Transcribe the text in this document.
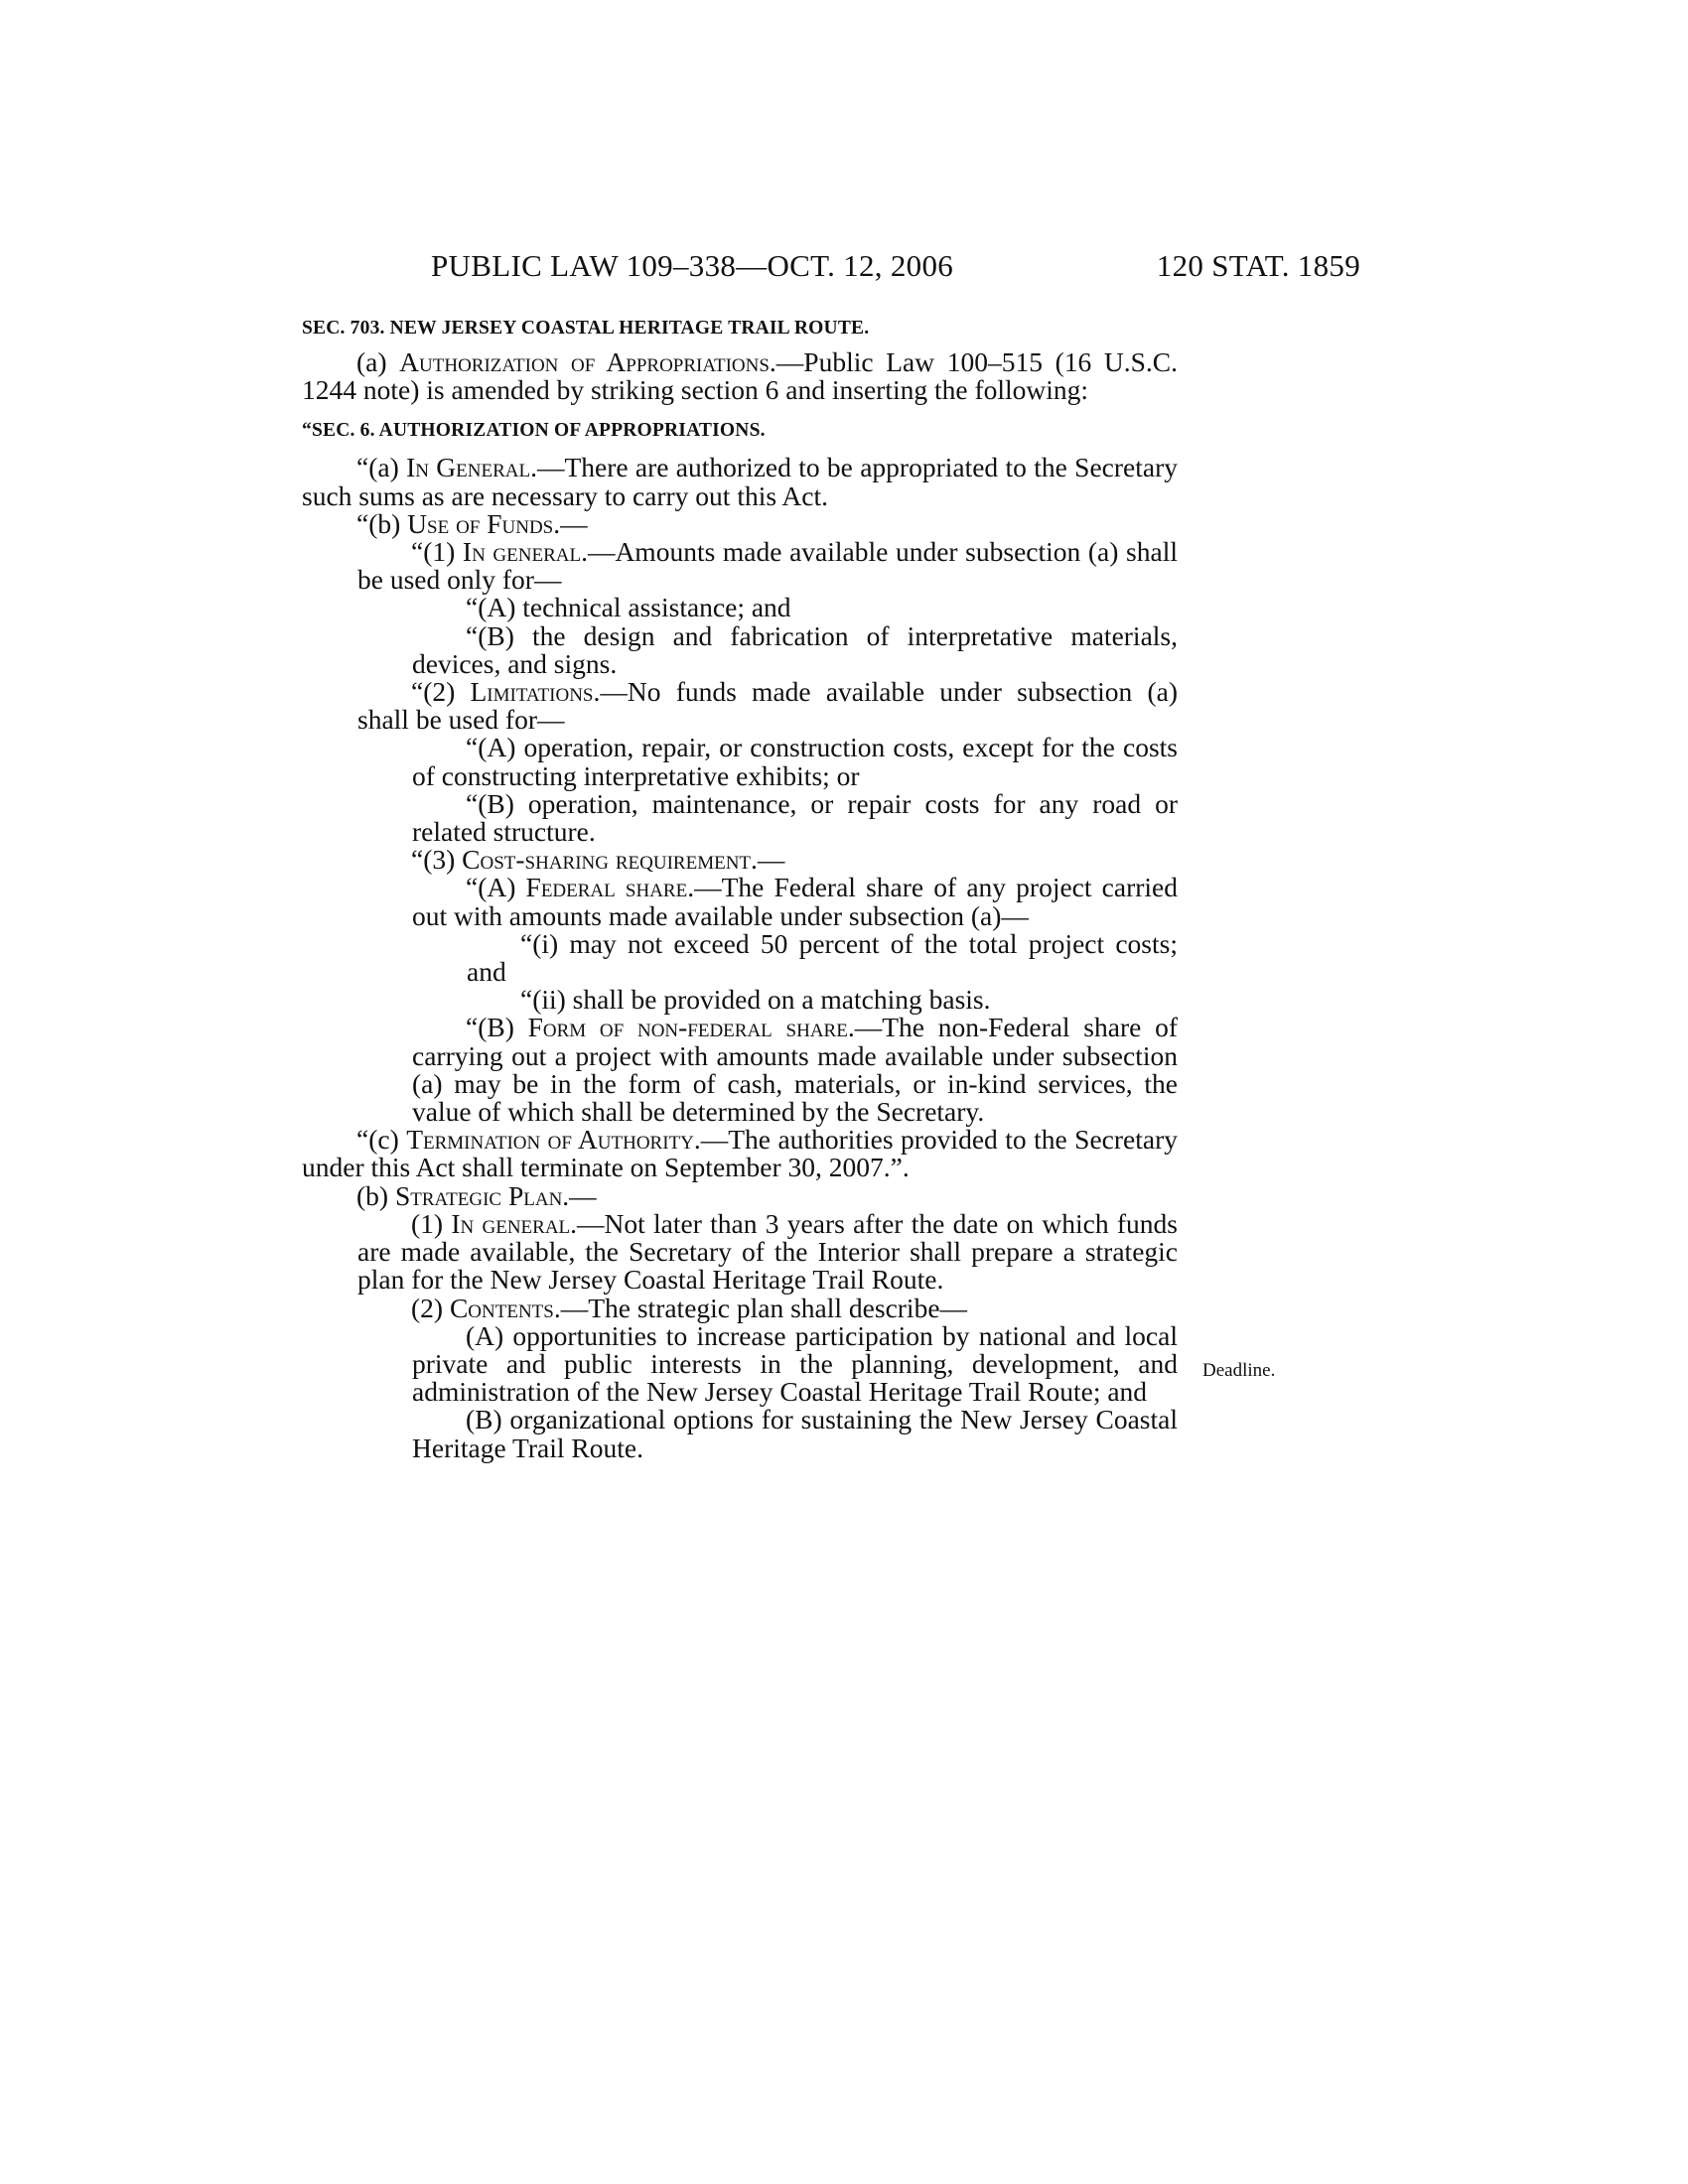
PUBLIC LAW 109–338—OCT. 12, 2006	120 STAT. 1859
Deadline.
SEC. 703. NEW JERSEY COASTAL HERITAGE TRAIL ROUTE.

(a) Authorization of Appropriations.—Public Law 100–515 (16 U.S.C. 1244 note) is amended by striking section 6 and inserting the following:

“SEC. 6. AUTHORIZATION OF APPROPRIATIONS.

“(a) In General.—There are authorized to be appropriated to the Secretary such sums as are necessary to carry out this Act.

“(b) Use of Funds.—

“(1) In general.—Amounts made available under subsection (a) shall be used only for—

“(A) technical assistance; and

“(B) the design and fabrication of interpretative materials, devices, and signs.

“(2) Limitations.—No funds made available under subsection (a) shall be used for—

“(A) operation, repair, or construction costs, except for the costs of constructing interpretative exhibits; or

“(B) operation, maintenance, or repair costs for any road or related structure.

“(3) Cost-sharing requirement.—

“(A) Federal share.—The Federal share of any project carried out with amounts made available under subsection (a)—

“(i) may not exceed 50 percent of the total project costs; and

“(ii) shall be provided on a matching basis.

“(B) Form of non-federal share.—The non-Federal share of carrying out a project with amounts made available under subsection (a) may be in the form of cash, materials, or in-kind services, the value of which shall be determined by the Secretary.

“(c) Termination of Authority.—The authorities provided to the Secretary under this Act shall terminate on September 30, 2007.”.

(b) Strategic Plan.—

(1) In general.—Not later than 3 years after the date on which funds are made available, the Secretary of the Interior shall prepare a strategic plan for the New Jersey Coastal Heritage Trail Route.

(2) Contents.—The strategic plan shall describe—

(A) opportunities to increase participation by national and local private and public interests in the planning, development, and administration of the New Jersey Coastal Heritage Trail Route; and

(B) organizational options for sustaining the New Jersey Coastal Heritage Trail Route.
